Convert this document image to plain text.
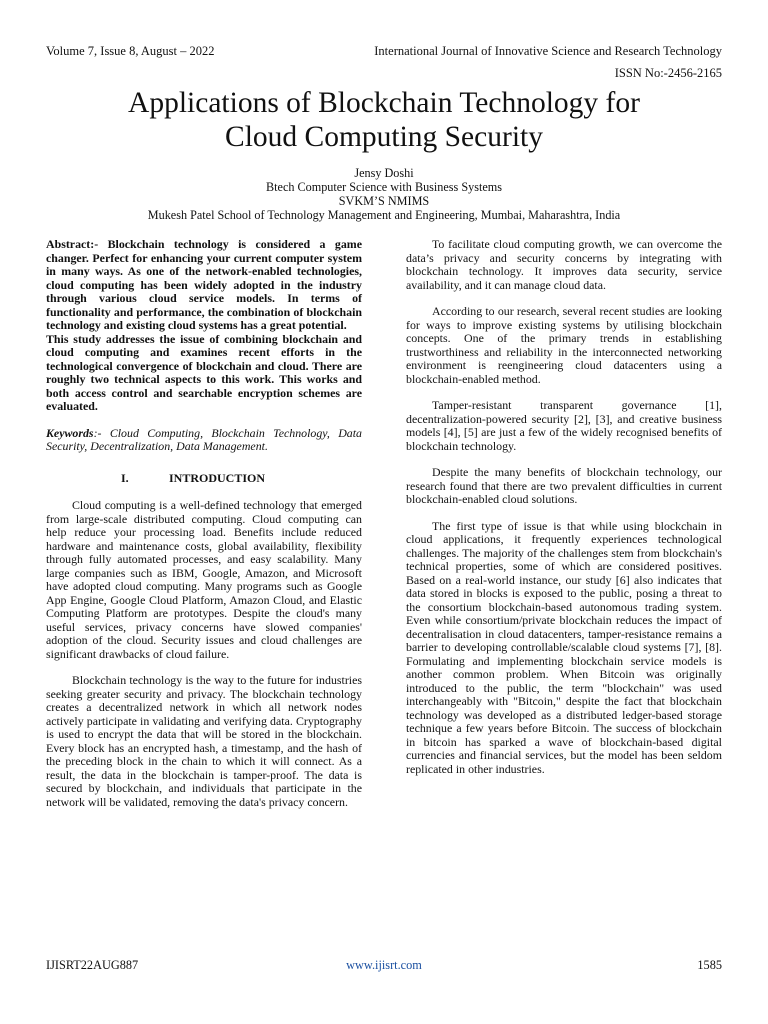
Volume 7, Issue 8, August – 2022	International Journal of Innovative Science and Research Technology
ISSN No:-2456-2165
Applications of Blockchain Technology for
Cloud Computing Security
Jensy Doshi
Btech Computer Science with Business Systems
SVKM’S NMIMS
Mukesh Patel School of Technology Management and Engineering, Mumbai, Maharashtra, India

Abstract:- Blockchain technology is considered a game changer. Perfect for enhancing your current computer system in many ways. As one of the network-enabled technologies, cloud computing has been widely adopted in the industry through various cloud service models. In terms of functionality and performance, the combination of blockchain technology and existing cloud systems has a great potential.

This study addresses the issue of combining blockchain and cloud computing and examines recent efforts in the technological convergence of blockchain and cloud. There are roughly two technical aspects to this work. This works and both access control and searchable encryption schemes are evaluated.

Keywords:- Cloud Computing, Blockchain Technology, Data Security, Decentralization, Data Management.

I.	INTRODUCTION

Cloud computing is a well-defined technology that emerged from large-scale distributed computing. Cloud computing can help reduce your processing load. Benefits include reduced hardware and maintenance costs, global availability, flexibility through fully automated processes, and easy scalability. Many large companies such as IBM, Google, Amazon, and Microsoft have adopted cloud computing. Many programs such as Google App Engine, Google Cloud Platform, Amazon Cloud, and Elastic Computing Platform are prototypes. Despite the cloud's many useful services, privacy concerns have slowed companies' adoption of the cloud. Security issues and cloud challenges are significant drawbacks of cloud failure.

Blockchain technology is the way to the future for industries seeking greater security and privacy. The blockchain technology creates a decentralized network in which all network nodes actively participate in validating and verifying data. Cryptography is used to encrypt the data that will be stored in the blockchain. Every block has an encrypted hash, a timestamp, and the hash of the preceding block in the chain to which it will connect. As a result, the data in the blockchain is tamper-proof. The data is secured by blockchain, and individuals that participate in the network will be validated, removing the data's privacy concern.

To facilitate cloud computing growth, we can overcome the data’s privacy and security concerns by integrating with blockchain technology. It improves data security, service availability, and it can manage cloud data.

According to our research, several recent studies are looking for ways to improve existing systems by utilising blockchain concepts. One of the primary trends in establishing trustworthiness and reliability in the interconnected networking environment is reengineering cloud datacenters using a blockchain-enabled method.

Tamper-resistant transparent governance [1], decentralization-powered security [2], [3], and creative business models [4], [5] are just a few of the widely recognised benefits of blockchain technology.

Despite the many benefits of blockchain technology, our research found that there are two prevalent difficulties in current blockchain-enabled cloud solutions.

The first type of issue is that while using blockchain in cloud applications, it frequently experiences technological challenges. The majority of the challenges stem from blockchain's technical properties, some of which are considered positives. Based on a real-world instance, our study [6] also indicates that data stored in blocks is exposed to the public, posing a threat to the consortium blockchain-based autonomous trading system. Even while consortium/private blockchain reduces the impact of decentralisation in cloud datacenters, tamper-resistance remains a barrier to developing controllable/scalable cloud systems [7], [8]. Formulating and implementing blockchain service models is another common problem. When Bitcoin was originally introduced to the public, the term "blockchain" was used interchangeably with "Bitcoin," despite the fact that blockchain technology was developed as a distributed ledger-based storage technique a few years before Bitcoin. The success of blockchain in bitcoin has sparked a wave of blockchain-based digital currencies and financial services, but the model has been seldom replicated in other industries.

IJISRT22AUG887	www.ijisrt.com	1585
